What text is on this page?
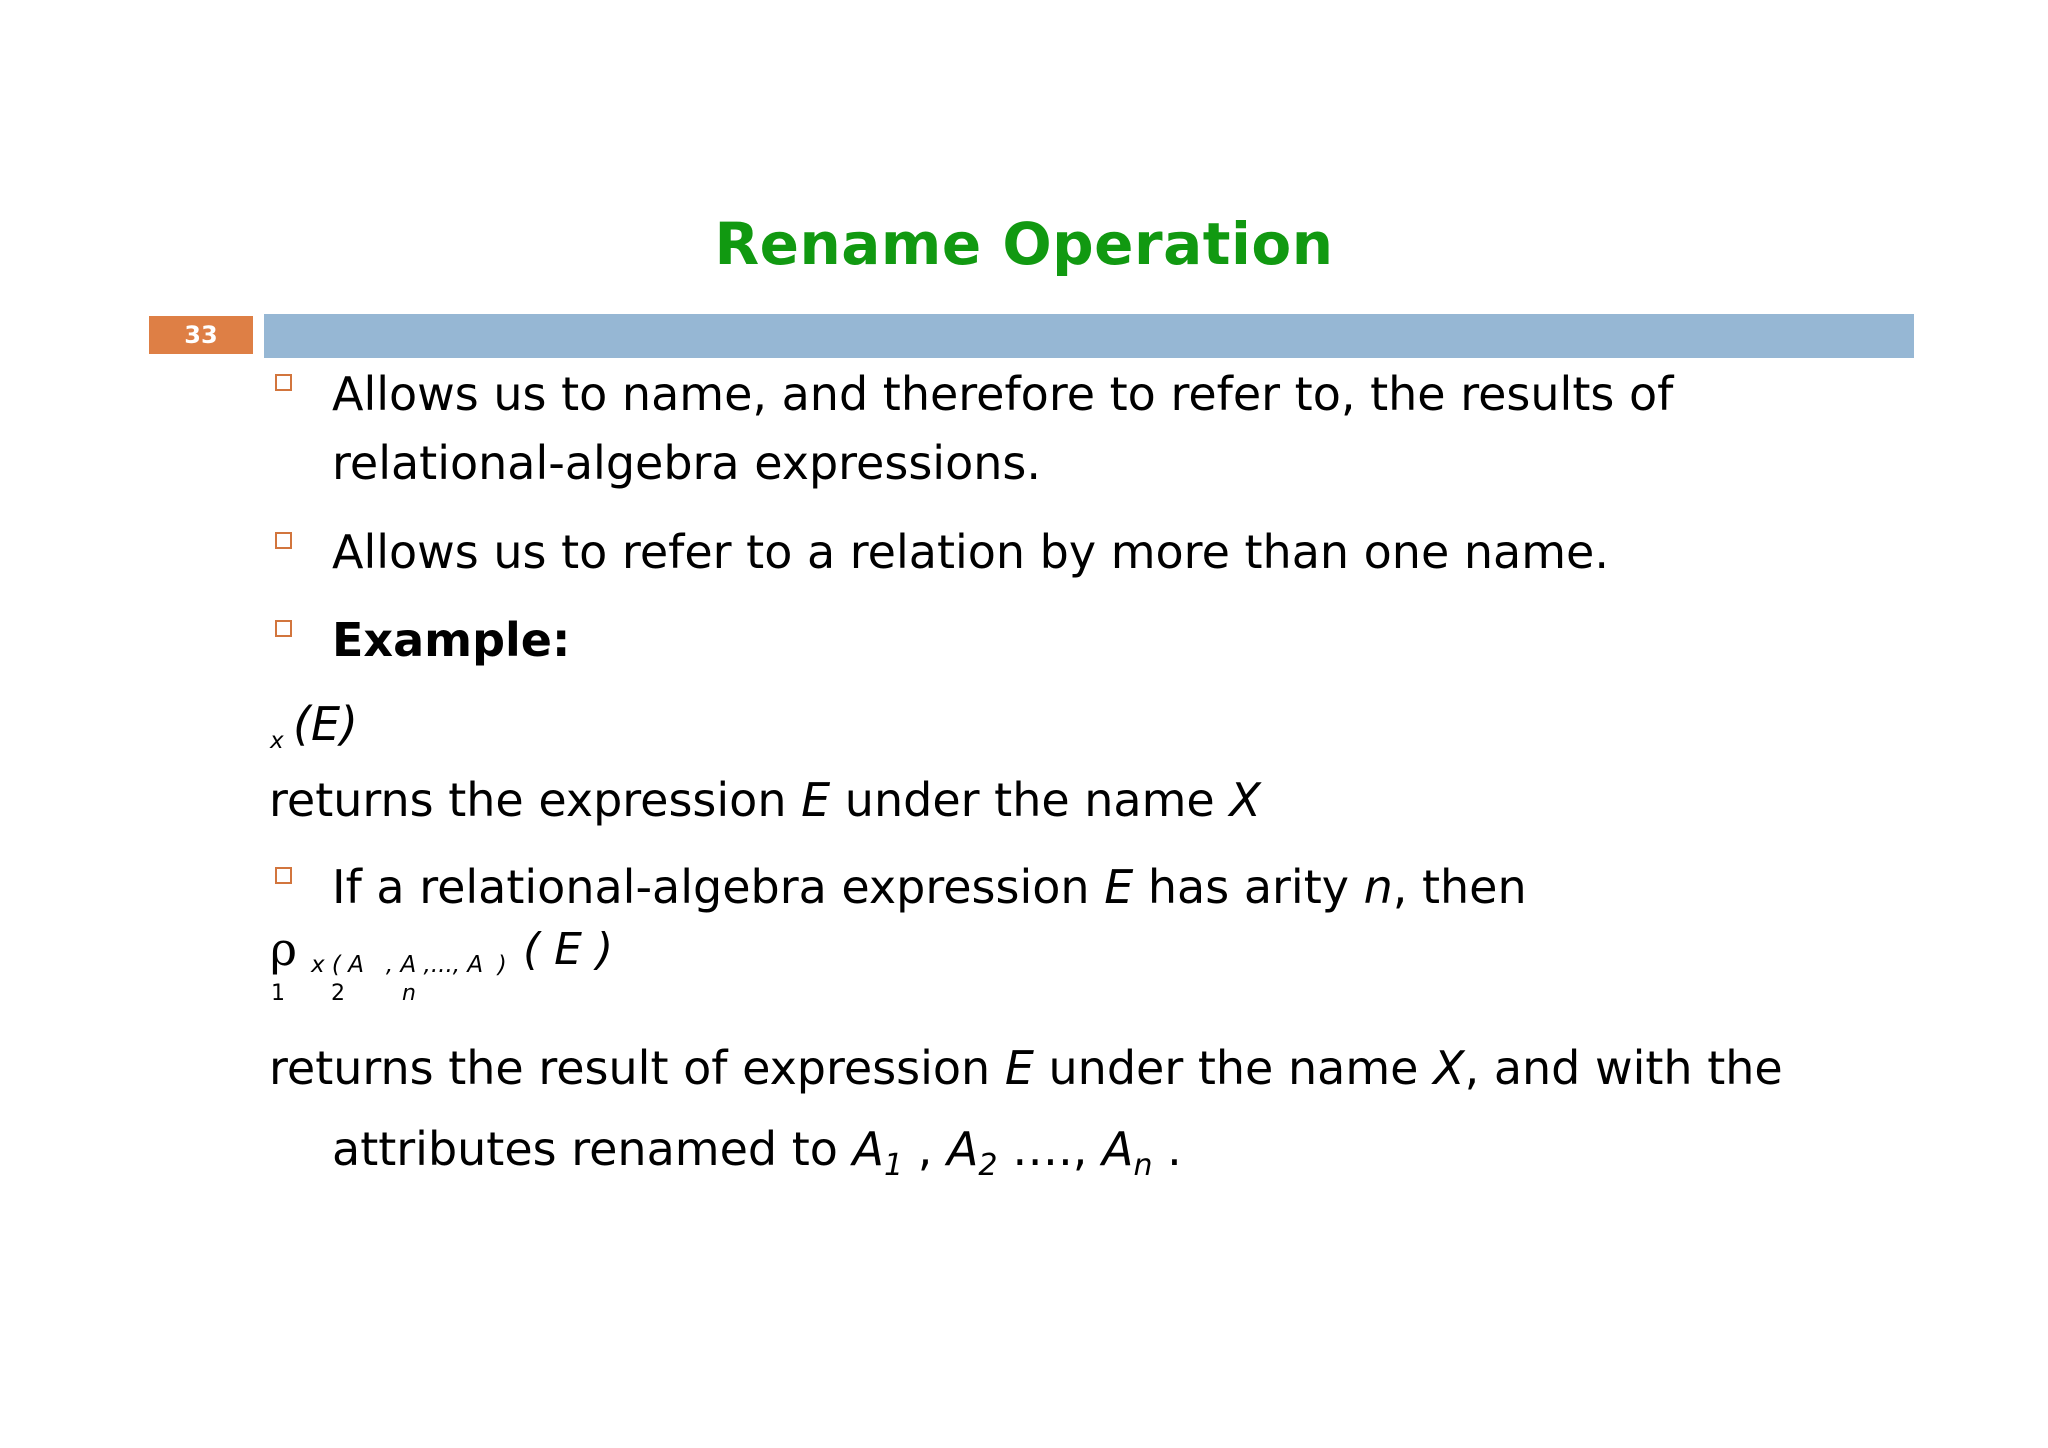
Rename Operation
33
Allows us to name, and therefore to refer to, the results of
relational-algebra expressions.
Allows us to refer to a relation by more than one name.
Example:
x (E)
returns the expression E under the name X
If a relational-algebra expression E has arity n, then
ρ x ( A   , A ,..., A  ) ( E )
1 2	n
returns the result of expression E under the name X, and with the
attributes renamed to $A_1$ , $A_2$ …., $A_n$ .
